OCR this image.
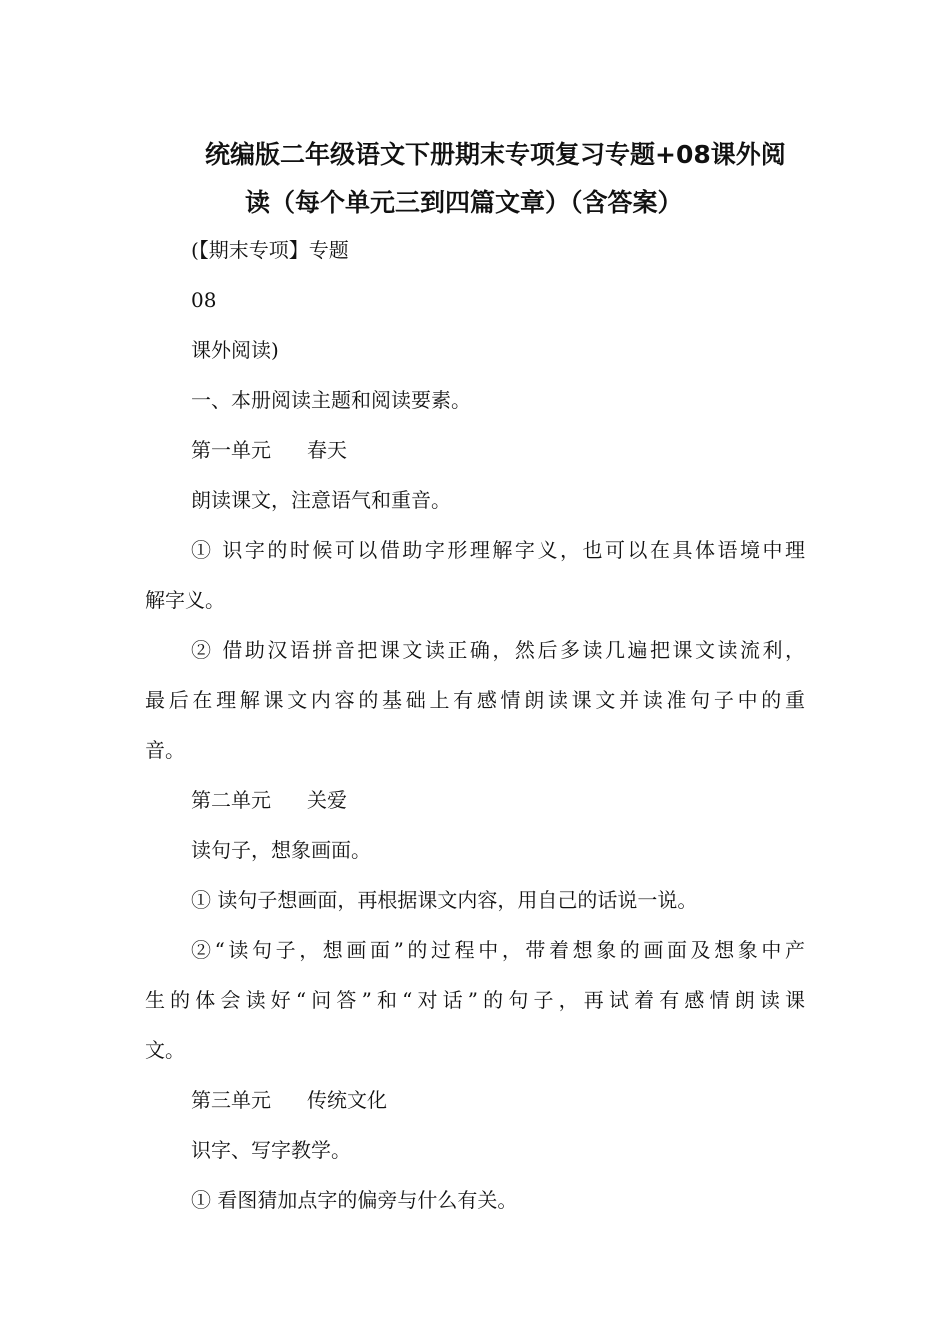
统编版二年级语文下册期末专项复习专题+08课外阅
读（每个单元三到四篇文章）（含答案）
(【期末专项】专题
08
课外阅读)
一、本册阅读主题和阅读要素。
第一单元 春天
朗读课文，注意语气和重音。
① 识字的时候可以借助字形理解字义，也可以在具体语境中理
解字义。
② 借助汉语拼音把课文读正确，然后多读几遍把课文读流利，
最后在理解课文内容的基础上有感情朗读课文并读准句子中的重
音。
第二单元 关爱
读句子，想象画面。
① 读句子想画面，再根据课文内容，用自己的话说一说。
②“读句子，想画面”的过程中，带着想象的画面及想象中产
生的体会读好“问答”和“对话”的句子，再试着有感情朗读课
文。
第三单元 传统文化
识字、写字教学。
① 看图猜加点字的偏旁与什么有关。
